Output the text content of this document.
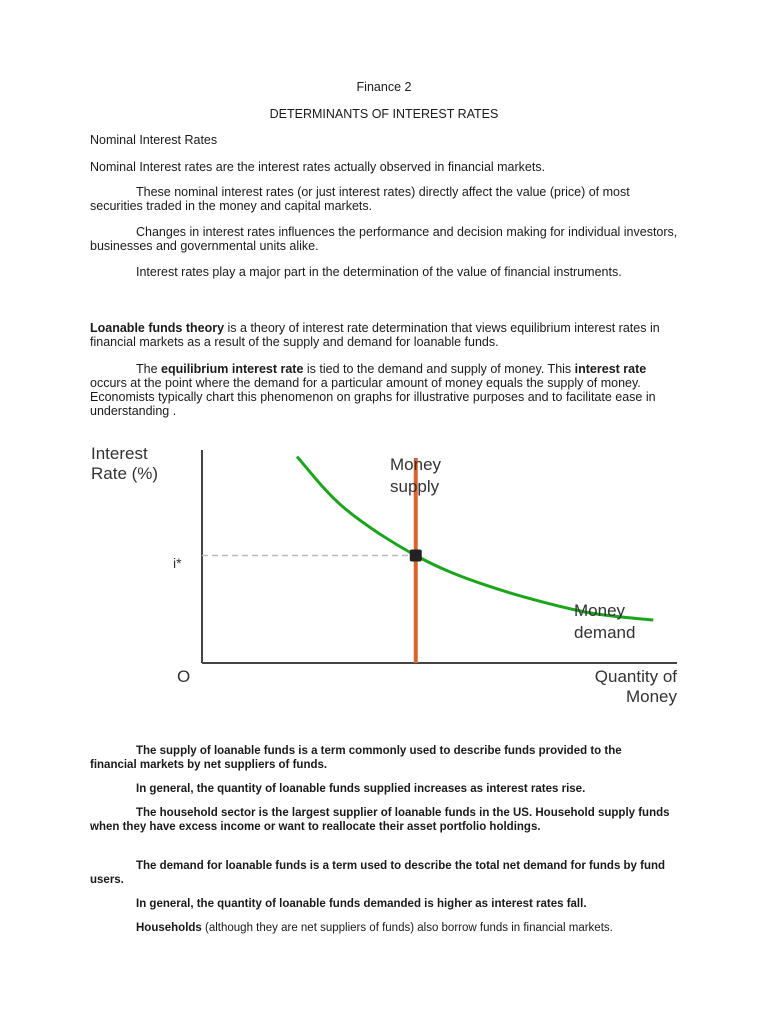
Finance 2
DETERMINANTS OF INTEREST RATES

Nominal Interest Rates

Nominal Interest rates are the interest rates actually observed in financial markets.

These nominal interest rates (or just interest rates) directly affect the value (price) of most securities traded in the money and capital markets.

Changes in interest rates influences the performance and decision making for individual investors, businesses and governmental units alike.

Interest rates play a major part in the determination of the value of financial instruments.

Loanable funds theory is a theory of interest rate determination that views equilibrium interest rates in financial markets as a result of the supply and demand for loanable funds.

The equilibrium interest rate is tied to the demand and supply of money. This interest rate occurs at the point where the demand for a particular amount of money equals the supply of money. Economists typically chart this phenomenon on graphs for illustrative purposes and to facilitate ease in understanding .

Interest
Rate (%)
O	Quantity of
Money
i*
Money
supply
Money
demand

The supply of loanable funds is a term commonly used to describe funds provided to the financial markets by net suppliers of funds.

In general, the quantity of loanable funds supplied increases as interest rates rise.

The household sector is the largest supplier of loanable funds in the US. Household supply funds when they have excess income or want to reallocate their asset portfolio holdings.

The demand for loanable funds is a term used to describe the total net demand for funds by fund users.

In general, the quantity of loanable funds demanded is higher as interest rates fall.

Households (although they are net suppliers of funds) also borrow funds in financial markets.
